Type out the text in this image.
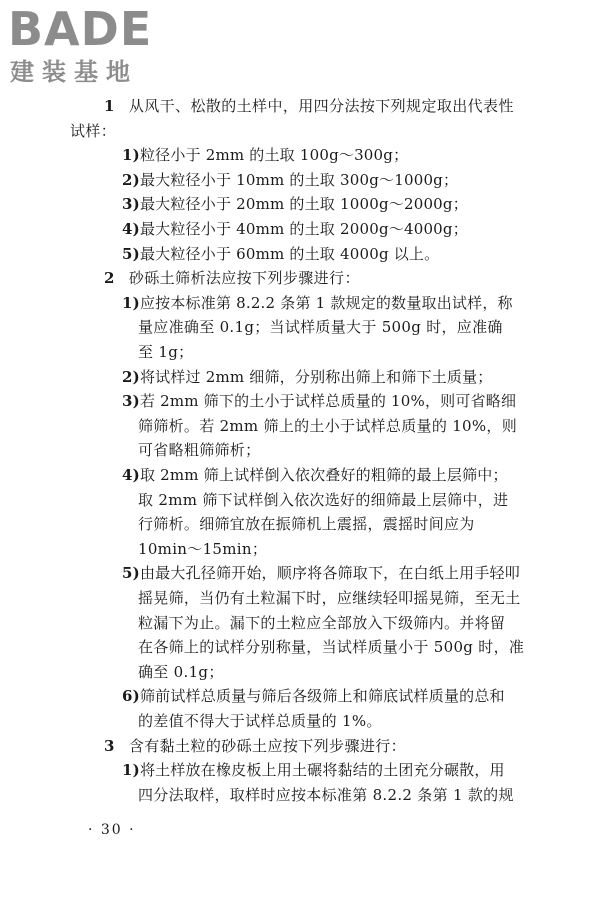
BADE
建装基地
1 从风干、松散的土样中，用四分法按下列规定取出代表性
试样：
1)粒径小于 2mm 的土取 100g～300g；
2)最大粒径小于 10mm 的土取 300g～1000g；
3)最大粒径小于 20mm 的土取 1000g～2000g；
4)最大粒径小于 40mm 的土取 2000g～4000g；
5)最大粒径小于 60mm 的土取 4000g 以上。
2 砂砾土筛析法应按下列步骤进行：
1)应按本标准第 8.2.2 条第 1 款规定的数量取出试样，称
量应准确至 0.1g；当试样质量大于 500g 时，应准确
至 1g；
2)将试样过 2mm 细筛，分别称出筛上和筛下土质量；
3)若 2mm 筛下的土小于试样总质量的 10%，则可省略细
筛筛析。若 2mm 筛上的土小于试样总质量的 10%，则
可省略粗筛筛析；
4)取 2mm 筛上试样倒入依次叠好的粗筛的最上层筛中；
取 2mm 筛下试样倒入依次选好的细筛最上层筛中，进
行筛析。细筛宜放在振筛机上震摇，震摇时间应为
10min～15min；
5)由最大孔径筛开始，顺序将各筛取下，在白纸上用手轻叩
摇晃筛，当仍有土粒漏下时，应继续轻叩摇晃筛，至无土
粒漏下为止。漏下的土粒应全部放入下级筛内。并将留
在各筛上的试样分别称量，当试样质量小于 500g 时，准
确至 0.1g；
6)筛前试样总质量与筛后各级筛上和筛底试样质量的总和
的差值不得大于试样总质量的 1%。
3 含有黏土粒的砂砾土应按下列步骤进行：
1)将土样放在橡皮板上用土碾将黏结的土团充分碾散，用
四分法取样，取样时应按本标准第 8.2.2 条第 1 款的规
· 30 ·
